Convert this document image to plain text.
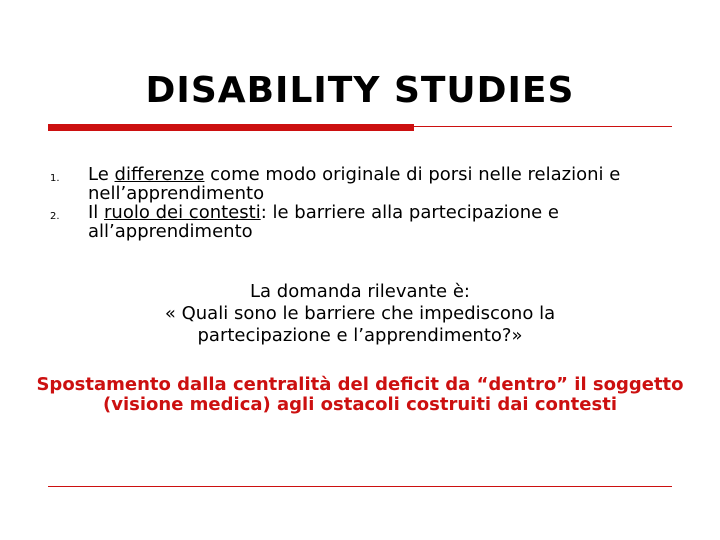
DISABILITY STUDIES
1. Le differenze come modo originale di porsi nelle relazioni e nell’apprendimento
2. Il ruolo dei contesti: le barriere alla partecipazione e all’apprendimento
La domanda rilevante è:
« Quali sono le barriere che impediscono la partecipazione e l’apprendimento?»
Spostamento dalla centralità del deficit da “dentro” il soggetto (visione medica) agli ostacoli costruiti dai contesti
